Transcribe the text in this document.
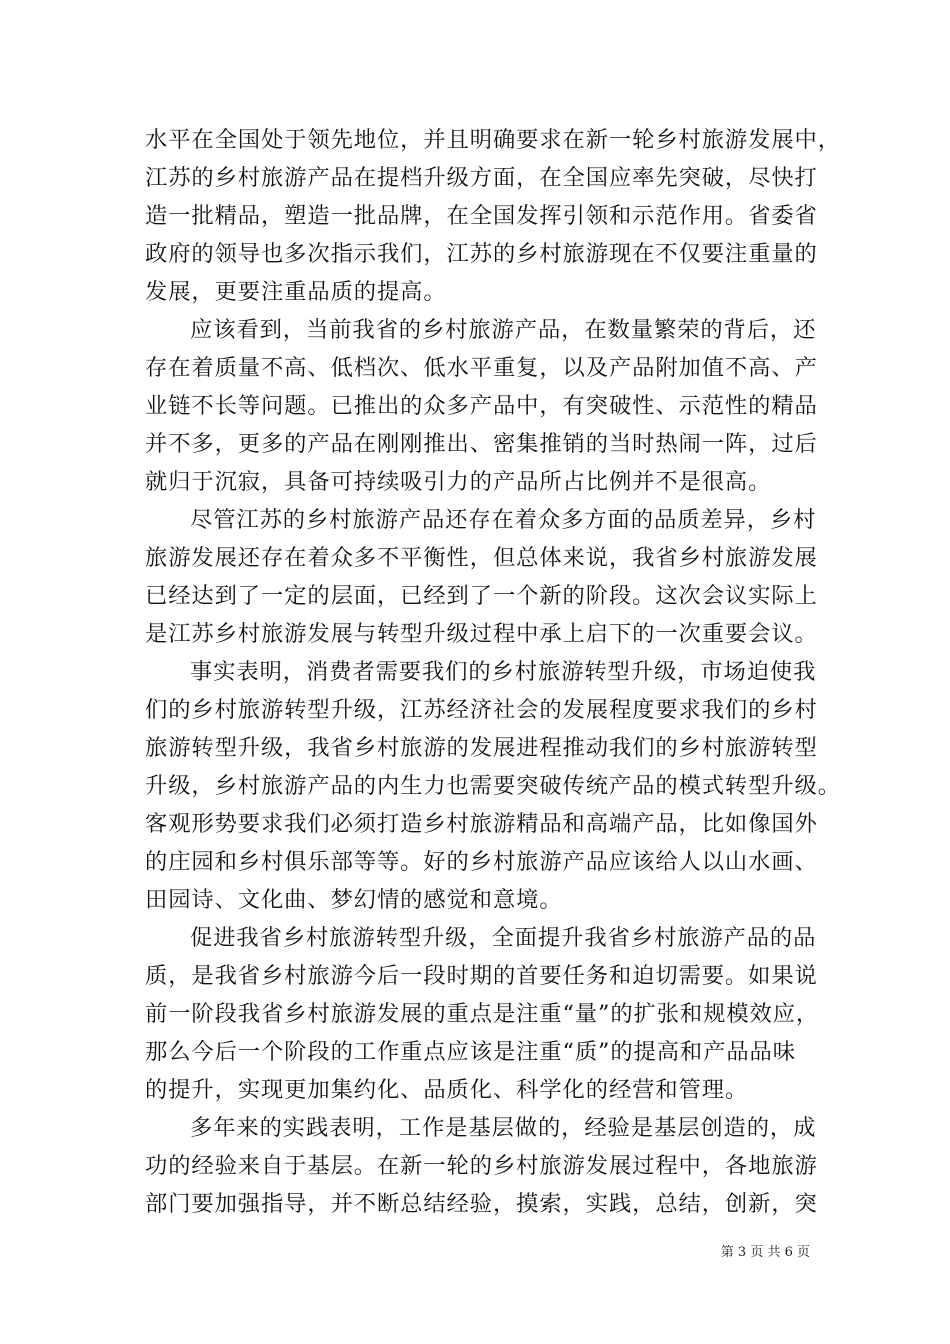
水平在全国处于领先地位，并且明确要求在新一轮乡村旅游发展中，
江苏的乡村旅游产品在提档升级方面，在全国应率先突破，尽快打
造一批精品，塑造一批品牌，在全国发挥引领和示范作用。省委省
政府的领导也多次指示我们，江苏的乡村旅游现在不仅要注重量的
发展，更要注重品质的提高。
应该看到，当前我省的乡村旅游产品，在数量繁荣的背后，还
存在着质量不高、低档次、低水平重复，以及产品附加值不高、产
业链不长等问题。已推出的众多产品中，有突破性、示范性的精品
并不多，更多的产品在刚刚推出、密集推销的当时热闹一阵，过后
就归于沉寂，具备可持续吸引力的产品所占比例并不是很高。
尽管江苏的乡村旅游产品还存在着众多方面的品质差异，乡村
旅游发展还存在着众多不平衡性，但总体来说，我省乡村旅游发展
已经达到了一定的层面，已经到了一个新的阶段。这次会议实际上
是江苏乡村旅游发展与转型升级过程中承上启下的一次重要会议。
事实表明，消费者需要我们的乡村旅游转型升级，市场迫使我
们的乡村旅游转型升级，江苏经济社会的发展程度要求我们的乡村
旅游转型升级，我省乡村旅游的发展进程推动我们的乡村旅游转型
升级，乡村旅游产品的内生力也需要突破传统产品的模式转型升级。
客观形势要求我们必须打造乡村旅游精品和高端产品，比如像国外
的庄园和乡村俱乐部等等。好的乡村旅游产品应该给人以山水画、
田园诗、文化曲、梦幻情的感觉和意境。
促进我省乡村旅游转型升级，全面提升我省乡村旅游产品的品
质，是我省乡村旅游今后一段时期的首要任务和迫切需要。如果说
前一阶段我省乡村旅游发展的重点是注重“量”的扩张和规模效应，
那么今后一个阶段的工作重点应该是注重“质”的提高和产品品味
的提升，实现更加集约化、品质化、科学化的经营和管理。
多年来的实践表明，工作是基层做的，经验是基层创造的，成
功的经验来自于基层。在新一轮的乡村旅游发展过程中，各地旅游
部门要加强指导，并不断总结经验，摸索，实践，总结，创新，突
第 3 页 共 6 页
